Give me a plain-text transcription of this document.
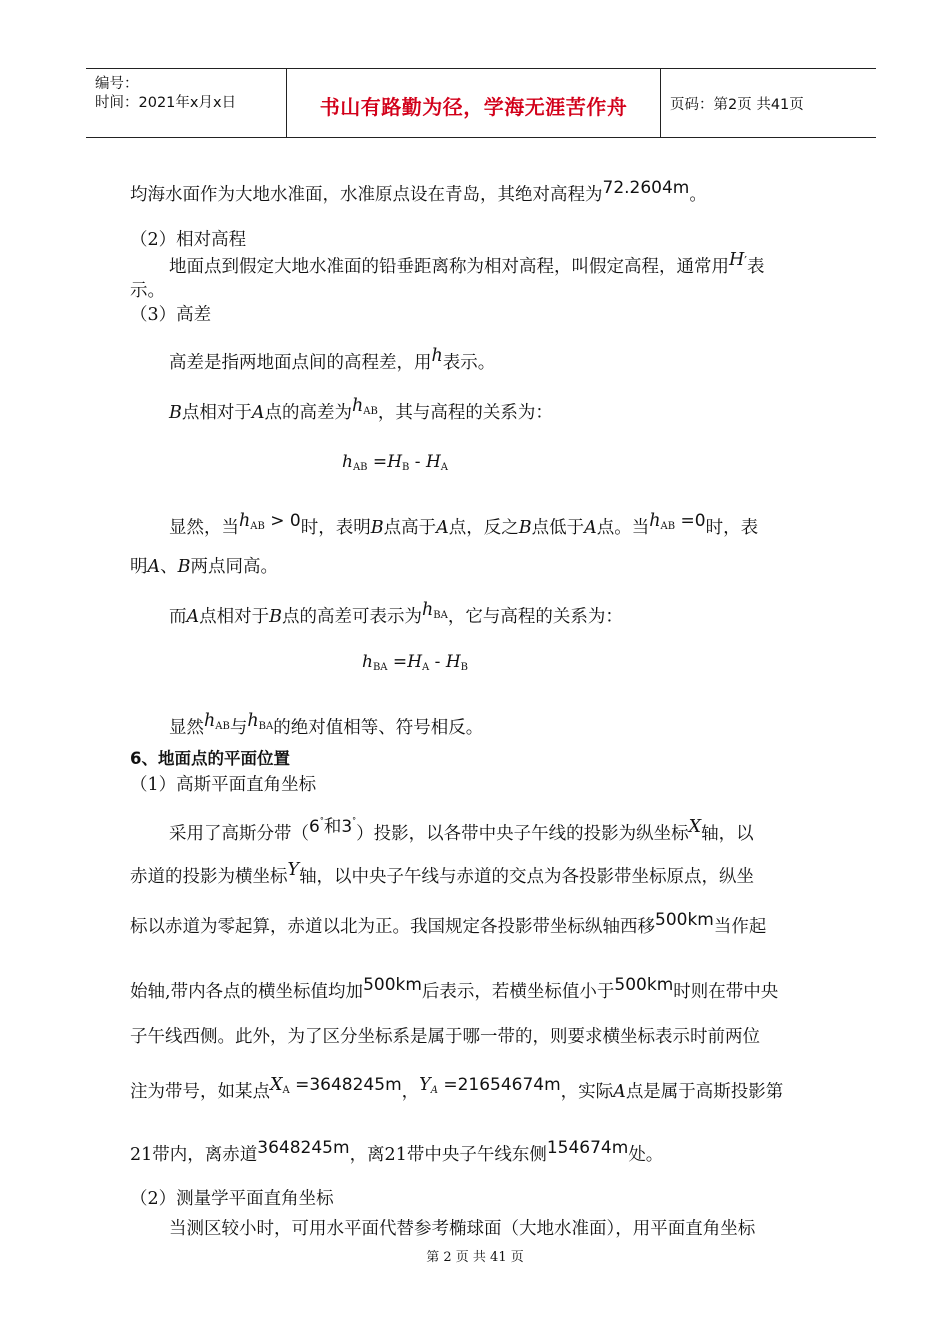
编号：
时间：2021年x月x日	书山有路勤为径，学海无涯苦作舟	页码：第2页 共41页
均海水面作为大地水准面，水准原点设在青岛，其绝对高程为72.2604m。
（2）相对高程
地面点到假定大地水准面的铅垂距离称为相对高程，叫假定高程，通常用H′表
示。
（3）高差
高差是指两地面点间的高程差，用h表示。
B点相对于A点的高差为$h_{AB}$，其与高程的关系为：
$h_{AB} =H_B - H_A$
显然，当$h_{AB} > 0$时，表明B点高于A点，反之B点低于A点。当$h_{AB} =0$时，表
明A、B两点同高。
而A点相对于B点的高差可表示为$h_{BA}$，它与高程的关系为：
$h_{BA} =H_A - H_B$
显然$h_{AB}$与$h_{BA}$的绝对值相等、符号相反。
6、地面点的平面位置
（1）高斯平面直角坐标
采用了高斯分带（6°和3°）投影，以各带中央子午线的投影为纵坐标X轴，以
赤道的投影为横坐标Y轴，以中央子午线与赤道的交点为各投影带坐标原点，纵坐
标以赤道为零起算，赤道以北为正。我国规定各投影带坐标纵轴西移500km当作起
始轴,带内各点的横坐标值均加500km后表示，若横坐标值小于500km时则在带中央
子午线西侧。此外，为了区分坐标系是属于哪一带的，则要求横坐标表示时前两位
注为带号，如某点$X_A =3648245m$，$Y_A =21654674m$，实际A点是属于高斯投影第
21带内，离赤道3648245m，离21带中央子午线东侧154674m处。
（2）测量学平面直角坐标
当测区较小时，可用水平面代替参考椭球面（大地水准面），用平面直角坐标
第 2 页 共 41 页
